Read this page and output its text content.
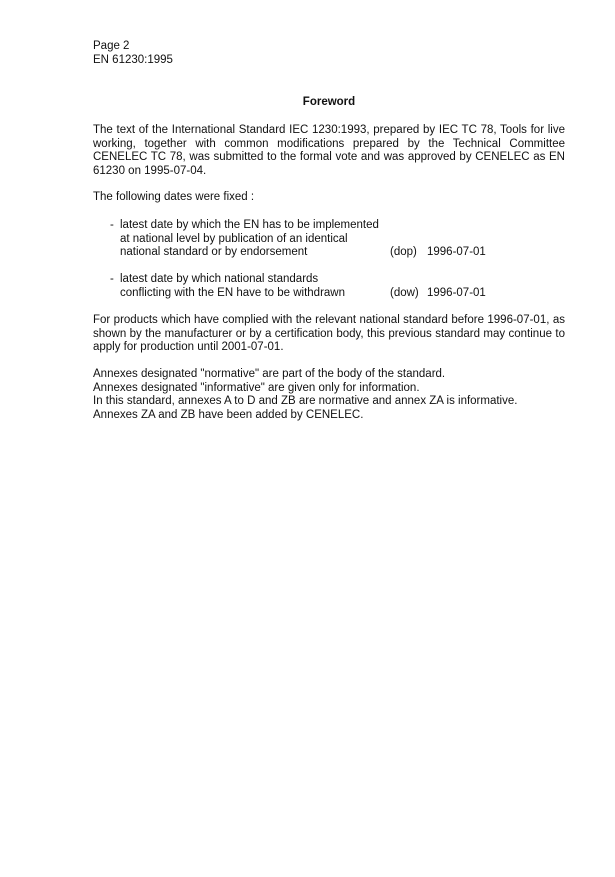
Page 2
EN 61230:1995
Foreword
The text of the International Standard IEC 1230:1993, prepared by IEC TC 78, Tools for live working, together with common modifications prepared by the Technical Committee CENELEC TC 78, was submitted to the formal vote and was approved by CENELEC as EN 61230 on 1995-07-04.
The following dates were fixed :
- latest date by which the EN has to be implemented
at national level by publication of an identical
national standard or by endorsement	(dop) 1996-07-01
- latest date by which national standards
conflicting with the EN have to be withdrawn	(dow) 1996-07-01
For products which have complied with the relevant national standard before 1996-07-01, as shown by the manufacturer or by a certification body, this previous standard may continue to apply for production until 2001-07-01.
Annexes designated "normative" are part of the body of the standard.
Annexes designated "informative" are given only for information.
In this standard, annexes A to D and ZB are normative and annex ZA is informative.
Annexes ZA and ZB have been added by CENELEC.
